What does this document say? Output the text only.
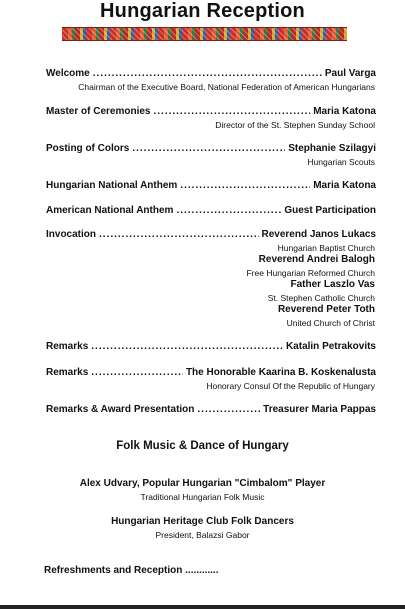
Hungarian Reception
Welcome .....	Paul Varga
Chairman of the Executive Board, National Federation of American Hungarians
Master of Ceremonies .....	Maria Katona
Director of the St. Stephen Sunday School
Posting of Colors .....	Stephanie Szilagyi
Hungarian Scouts
Hungarian National Anthem .....	Maria Katona
American National Anthem .....	Guest Participation
Invocation .....	Reverend Janos Lukacs
Hungarian Baptist Church
Reverend Andrei Balogh
Free Hungarian Reformed Church
Father Laszlo Vas
St. Stephen Catholic Church
Reverend Peter Toth
United Church of Christ
Remarks .....	Katalin Petrakovits
Remarks .....	The Honorable Kaarina B. Koskenalusta
Honorary Consul Of the Republic of Hungary
Remarks & Award Presentation .....	Treasurer Maria Pappas
Folk Music & Dance of Hungary
Alex Udvary, Popular Hungarian "Cimbalom" Player
Traditional Hungarian Folk Music
Hungarian Heritage Club Folk Dancers
President, Balazsi Gabor
Refreshments and Reception ............
